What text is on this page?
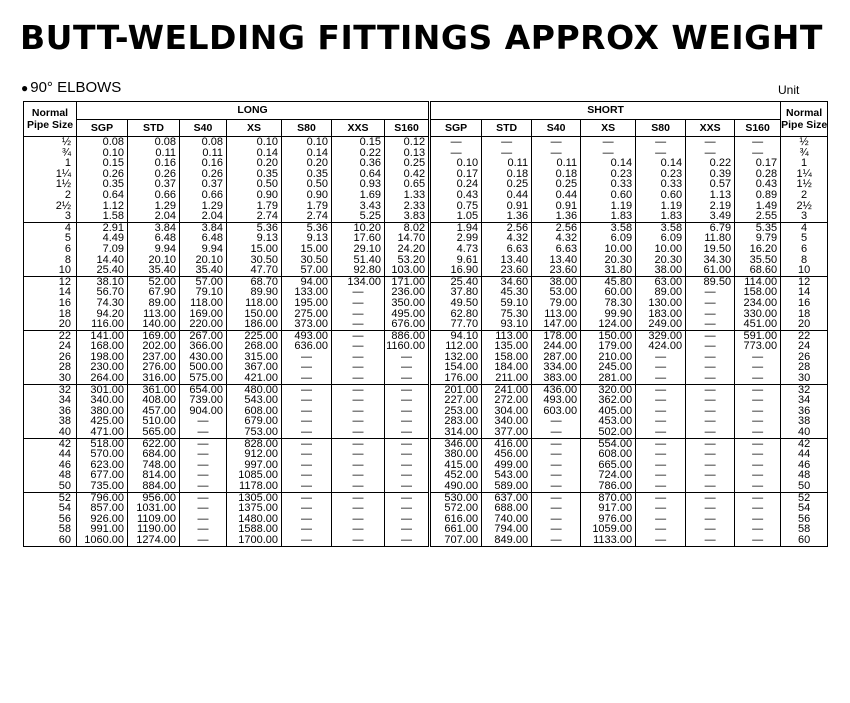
BUTT-WELDING FITTINGS APPROX WEIGHT
● 90° ELBOWS	Unit
Normal
Pipe Size	LONG							SHORT							Normal
Pipe Size
	SGP	STD	S40	XS	S80	XXS	S160	SGP	STD	S40	XS	S80	XXS	S160	
½	0.08	0.08	0.08	0.10	0.10	0.15	0.12	—	—	—	—	—	—	—	½
¾	0.10	0.11	0.11	0.14	0.14	0.22	0.13	—	—	—	—	—	—	—	¾
1	0.15	0.16	0.16	0.20	0.20	0.36	0.25	0.10	0.11	0.11	0.14	0.14	0.22	0.17	1
1¼	0.26	0.26	0.26	0.35	0.35	0.64	0.42	0.17	0.18	0.18	0.23	0.23	0.39	0.28	1¼
1½	0.35	0.37	0.37	0.50	0.50	0.93	0.65	0.24	0.25	0.25	0.33	0.33	0.57	0.43	1½
2	0.64	0.66	0.66	0.90	0.90	1.69	1.33	0.43	0.44	0.44	0.60	0.60	1.13	0.89	2
2½	1.12	1.29	1.29	1.79	1.79	3.43	2.33	0.75	0.91	0.91	1.19	1.19	2.19	1.49	2½
3	1.58	2.04	2.04	2.74	2.74	5.25	3.83	1.05	1.36	1.36	1.83	1.83	3.49	2.55	3
4	2.91	3.84	3.84	5.36	5.36	10.20	8.02	1.94	2.56	2.56	3.58	3.58	6.79	5.35	4
5	4.49	6.48	6.48	9.13	9.13	17.60	14.70	2.99	4.32	4.32	6.09	6.09	11.80	9.79	5
6	7.09	9.94	9.94	15.00	15.00	29.10	24.20	4.73	6.63	6.63	10.00	10.00	19.50	16.20	6
8	14.40	20.10	20.10	30.50	30.50	51.40	53.20	9.61	13.40	13.40	20.30	20.30	34.30	35.50	8
10	25.40	35.40	35.40	47.70	57.00	92.80	103.00	16.90	23.60	23.60	31.80	38.00	61.00	68.60	10
12	38.10	52.00	57.00	68.70	94.00	134.00	171.00	25.40	34.60	38.00	45.80	63.00	89.50	114.00	12
14	56.70	67.90	79.10	89.90	133.00	—	236.00	37.80	45.30	53.00	60.00	89.00	—	158.00	14
16	74.30	89.00	118.00	118.00	195.00	—	350.00	49.50	59.10	79.00	78.30	130.00	—	234.00	16
18	94.20	113.00	169.00	150.00	275.00	—	495.00	62.80	75.30	113.00	99.90	183.00	—	330.00	18
20	116.00	140.00	220.00	186.00	373.00	—	676.00	77.70	93.10	147.00	124.00	249.00	—	451.00	20
22	141.00	169.00	267.00	225.00	493.00	—	886.00	94.10	113.00	178.00	150.00	329.00	—	591.00	22
24	168.00	202.00	366.00	268.00	636.00	—	1160.00	112.00	135.00	244.00	179.00	424.00	—	773.00	24
26	198.00	237.00	430.00	315.00	—	—	—	132.00	158.00	287.00	210.00	—	—	—	26
28	230.00	276.00	500.00	367.00	—	—	—	154.00	184.00	334.00	245.00	—	—	—	28
30	264.00	316.00	575.00	421.00	—	—	—	176.00	211.00	383.00	281.00	—	—	—	30
32	301.00	361.00	654.00	480.00	—	—	—	201.00	241.00	436.00	320.00	—	—	—	32
34	340.00	408.00	739.00	543.00	—	—	—	227.00	272.00	493.00	362.00	—	—	—	34
36	380.00	457.00	904.00	608.00	—	—	—	253.00	304.00	603.00	405.00	—	—	—	36
38	425.00	510.00	—	679.00	—	—	—	283.00	340.00	—	453.00	—	—	—	38
40	471.00	565.00	—	753.00	—	—	—	314.00	377.00	—	502.00	—	—	—	40
42	518.00	622.00	—	828.00	—	—	—	346.00	416.00	—	554.00	—	—	—	42
44	570.00	684.00	—	912.00	—	—	—	380.00	456.00	—	608.00	—	—	—	44
46	623.00	748.00	—	997.00	—	—	—	415.00	499.00	—	665.00	—	—	—	46
48	677.00	814.00	—	1085.00	—	—	—	452.00	543.00	—	724.00	—	—	—	48
50	735.00	884.00	—	1178.00	—	—	—	490.00	589.00	—	786.00	—	—	—	50
52	796.00	956.00	—	1305.00	—	—	—	530.00	637.00	—	870.00	—	—	—	52
54	857.00	1031.00	—	1375.00	—	—	—	572.00	688.00	—	917.00	—	—	—	54
56	926.00	1109.00	—	1480.00	—	—	—	616.00	740.00	—	976.00	—	—	—	56
58	991.00	1190.00	—	1588.00	—	—	—	661.00	794.00	—	1059.00	—	—	—	58
60	1060.00	1274.00	—	1700.00	—	—	—	707.00	849.00	—	1133.00	—	—	—	60
